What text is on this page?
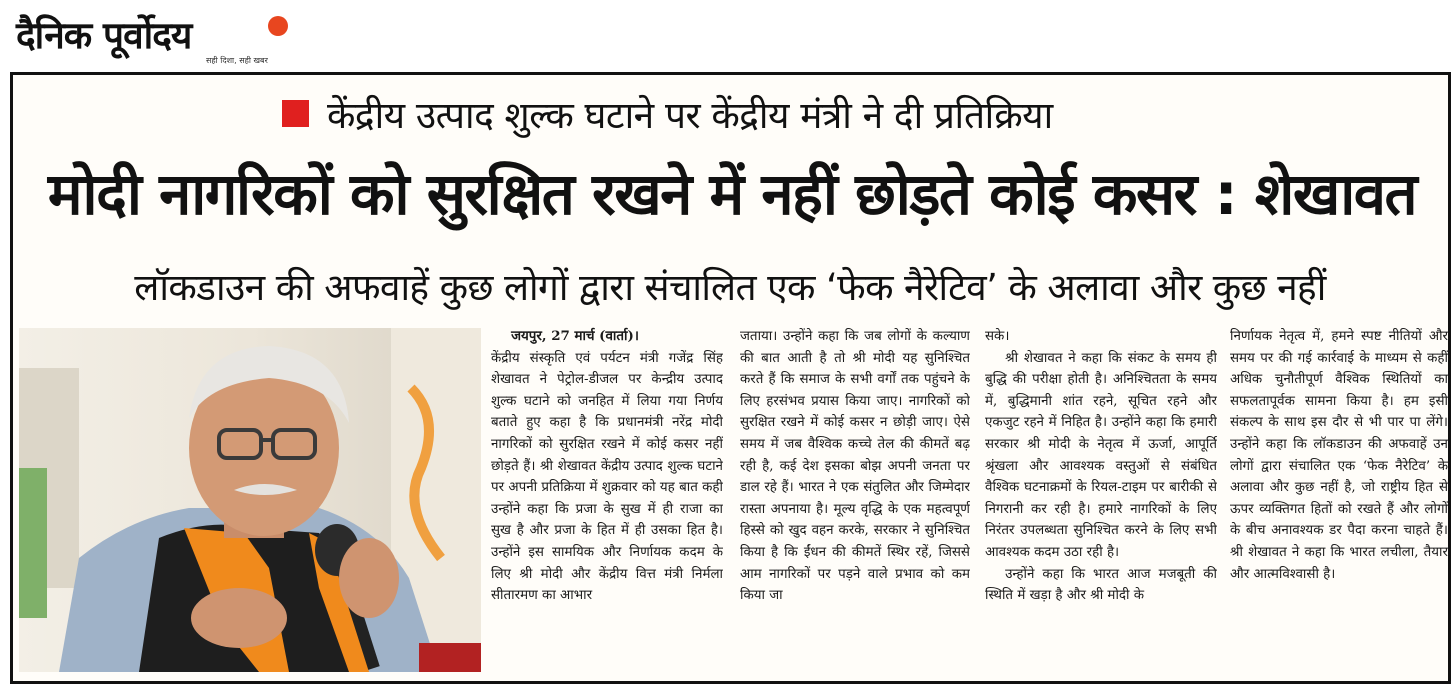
दैनिक पूर्वोदय
सही दिशा, सही खबर
केंद्रीय उत्पाद शुल्क घटाने पर केंद्रीय मंत्री ने दी प्रतिक्रिया
मोदी नागरिकों को सुरक्षित रखने में नहीं छोड़ते कोई कसर : शेखावत
लॉकडाउन की अफवाहें कुछ लोगों द्वारा संचालित एक ‘फेक नैरेटिव’ के अलावा और कुछ नहीं

जयपुर, 27 मार्च (वार्ता)।

केंद्रीय संस्कृति एवं पर्यटन मंत्री गजेंद्र सिंह शेखावत ने पेट्रोल-डीजल पर केन्द्रीय उत्पाद शुल्क घटाने को जनहित में लिया गया निर्णय बताते हुए कहा है कि प्रधानमंत्री नरेंद्र मोदी नागरिकों को सुरक्षित रखने में कोई कसर नहीं छोड़ते हैं। श्री शेखावत केंद्रीय उत्पाद शुल्क घटाने पर अपनी प्रतिक्रिया में शुक्रवार को यह बात कही उन्होंने कहा कि प्रजा के सुख में ही राजा का सुख है और प्रजा के हित में ही उसका हित है। उन्होंने इस सामयिक और निर्णायक कदम के लिए श्री मोदी और केंद्रीय वित्त मंत्री निर्मला सीतारमण का आभार

जताया। उन्होंने कहा कि जब लोगों के कल्याण की बात आती है तो श्री मोदी यह सुनिश्चित करते हैं कि समाज के सभी वर्गों तक पहुंचने के लिए हरसंभव प्रयास किया जाए। नागरिकों को सुरक्षित रखने में कोई कसर न छोड़ी जाए। ऐसे समय में जब वैश्विक कच्चे तेल की कीमतें बढ़ रही है, कई देश इसका बोझ अपनी जनता पर डाल रहे हैं। भारत ने एक संतुलित और जिम्मेदार रास्ता अपनाया है। मूल्य वृद्धि के एक महत्वपूर्ण हिस्से को खुद वहन करके, सरकार ने सुनिश्चित किया है कि ईंधन की कीमतें स्थिर रहें, जिससे आम नागरिकों पर पड़ने वाले प्रभाव को कम किया जा

सके।

श्री शेखावत ने कहा कि संकट के समय ही बुद्धि की परीक्षा होती है। अनिश्चितता के समय में, बुद्धिमानी शांत रहने, सूचित रहने और एकजुट रहने में निहित है। उन्होंने कहा कि हमारी सरकार श्री मोदी के नेतृत्व में ऊर्जा, आपूर्ति श्रृंखला और आवश्यक वस्तुओं से संबंधित वैश्विक घटनाक्रमों के रियल-टाइम पर बारीकी से निगरानी कर रही है। हमारे नागरिकों के लिए निरंतर उपलब्धता सुनिश्चित करने के लिए सभी आवश्यक कदम उठा रही है।

उन्होंने कहा कि भारत आज मजबूती की स्थिति में खड़ा है और श्री मोदी के

निर्णायक नेतृत्व में, हमने स्पष्ट नीतियों और समय पर की गई कार्रवाई के माध्यम से कहीं अधिक चुनौतीपूर्ण वैश्विक स्थितियों का सफलतापूर्वक सामना किया है। हम इसी संकल्प के साथ इस दौर से भी पार पा लेंगे। उन्होंने कहा कि लॉकडाउन की अफवाहें उन लोगों द्वारा संचालित एक ‘फेक नैरेटिव’ के अलावा और कुछ नहीं है, जो राष्ट्रीय हित से ऊपर व्यक्तिगत हितों को रखते हैं और लोगों के बीच अनावश्यक डर पैदा करना चाहते हैं। श्री शेखावत ने कहा कि भारत लचीला, तैयार और आत्मविश्वासी है।
